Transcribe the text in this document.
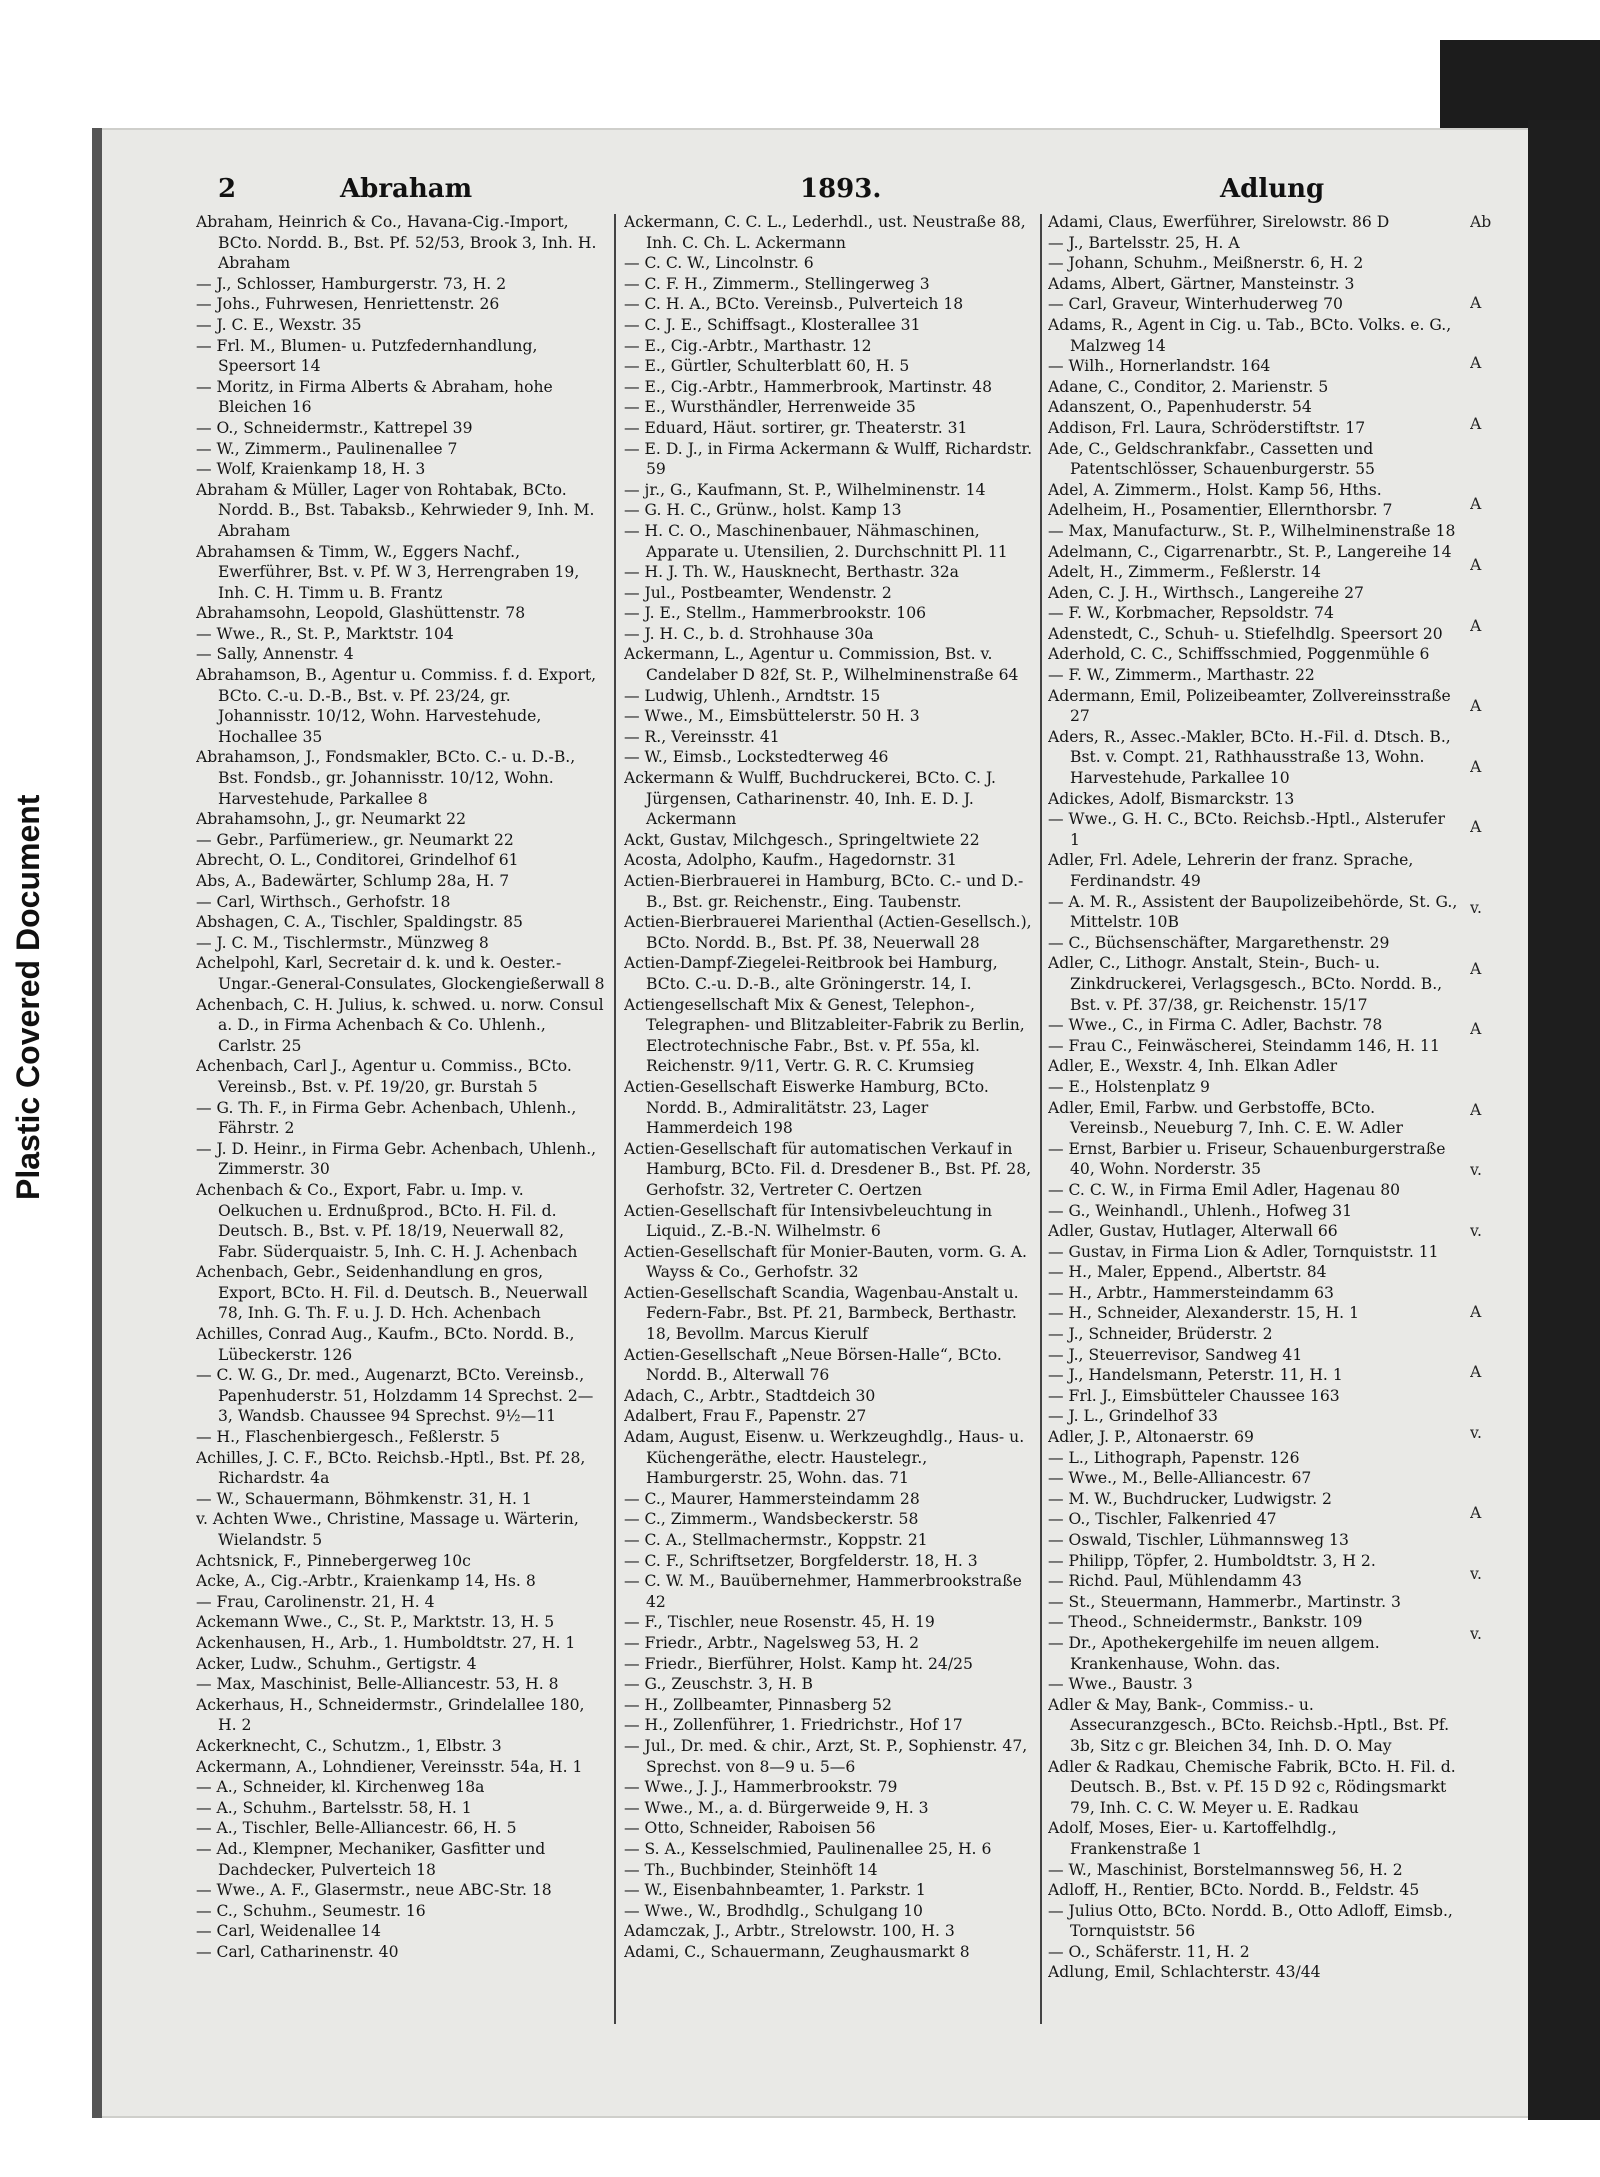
Plastic Covered Document
2	Abraham	1893.	Adlung

Abraham, Heinrich & Co., Havana-Cig.-Import, BCto. Nordd. B., Bst. Pf. 52/53, Brook 3, Inh. H. Abraham

— J., Schlosser, Hamburgerstr. 73, H. 2

— Johs., Fuhrwesen, Henriettenstr. 26

— J. C. E., Wexstr. 35

— Frl. M., Blumen- u. Putzfedernhandlung, Speersort 14

— Moritz, in Firma Alberts & Abraham, hohe Bleichen 16

— O., Schneidermstr., Kattrepel 39

— W., Zimmerm., Paulinenallee 7

— Wolf, Kraienkamp 18, H. 3

Abraham & Müller, Lager von Rohtabak, BCto. Nordd. B., Bst. Tabaksb., Kehrwieder 9, Inh. M. Abraham

Abrahamsen & Timm, W., Eggers Nachf., Ewerführer, Bst. v. Pf. W 3, Herrengraben 19, Inh. C. H. Timm u. B. Frantz

Abrahamsohn, Leopold, Glashüttenstr. 78

— Wwe., R., St. P., Marktstr. 104

— Sally, Annenstr. 4

Abrahamson, B., Agentur u. Commiss. f. d. Export, BCto. C.-u. D.-B., Bst. v. Pf. 23/24, gr. Johannisstr. 10/12, Wohn. Harvestehude, Hochallee 35

Abrahamson, J., Fondsmakler, BCto. C.- u. D.-B., Bst. Fondsb., gr. Johannisstr. 10/12, Wohn. Harvestehude, Parkallee 8

Abrahamsohn, J., gr. Neumarkt 22

— Gebr., Parfümeriew., gr. Neumarkt 22

Abrecht, O. L., Conditorei, Grindelhof 61

Abs, A., Badewärter, Schlump 28a, H. 7

— Carl, Wirthsch., Gerhofstr. 18

Abshagen, C. A., Tischler, Spaldingstr. 85

— J. C. M., Tischlermstr., Münzweg 8

Achelpohl, Karl, Secretair d. k. und k. Oester.-Ungar.-General-Consulates, Glockengießerwall 8

Achenbach, C. H. Julius, k. schwed. u. norw. Consul a. D., in Firma Achenbach & Co. Uhlenh., Carlstr. 25

Achenbach, Carl J., Agentur u. Commiss., BCto. Vereinsb., Bst. v. Pf. 19/20, gr. Burstah 5

— G. Th. F., in Firma Gebr. Achenbach, Uhlenh., Fährstr. 2

— J. D. Heinr., in Firma Gebr. Achenbach, Uhlenh., Zimmerstr. 30

Achenbach & Co., Export, Fabr. u. Imp. v. Oelkuchen u. Erdnußprod., BCto. H. Fil. d. Deutsch. B., Bst. v. Pf. 18/19, Neuerwall 82, Fabr. Süderquaistr. 5, Inh. C. H. J. Achenbach

Achenbach, Gebr., Seidenhandlung en gros, Export, BCto. H. Fil. d. Deutsch. B., Neuerwall 78, Inh. G. Th. F. u. J. D. Hch. Achenbach

Achilles, Conrad Aug., Kaufm., BCto. Nordd. B., Lübeckerstr. 126

— C. W. G., Dr. med., Augenarzt, BCto. Vereinsb., Papenhuderstr. 51, Holzdamm 14 Sprechst. 2—3, Wandsb. Chaussee 94 Sprechst. 9½—11

— H., Flaschenbiergesch., Feßlerstr. 5

Achilles, J. C. F., BCto. Reichsb.-Hptl., Bst. Pf. 28, Richardstr. 4a

— W., Schauermann, Böhmkenstr. 31, H. 1

v. Achten Wwe., Christine, Massage u. Wärterin, Wielandstr. 5

Achtsnick, F., Pinnebergerweg 10c

Acke, A., Cig.-Arbtr., Kraienkamp 14, Hs. 8

— Frau, Carolinenstr. 21, H. 4

Ackemann Wwe., C., St. P., Marktstr. 13, H. 5

Ackenhausen, H., Arb., 1. Humboldtstr. 27, H. 1

Acker, Ludw., Schuhm., Gertigstr. 4

— Max, Maschinist, Belle-Alliancestr. 53, H. 8

Ackerhaus, H., Schneidermstr., Grindelallee 180, H. 2

Ackerknecht, C., Schutzm., 1, Elbstr. 3

Ackermann, A., Lohndiener, Vereinsstr. 54a, H. 1

— A., Schneider, kl. Kirchenweg 18a

— A., Schuhm., Bartelsstr. 58, H. 1

— A., Tischler, Belle-Alliancestr. 66, H. 5

— Ad., Klempner, Mechaniker, Gasfitter und Dachdecker, Pulverteich 18

— Wwe., A. F., Glasermstr., neue ABC-Str. 18

— C., Schuhm., Seumestr. 16

— Carl, Weidenallee 14

— Carl, Catharinenstr. 40

Ackermann, C. C. L., Lederhdl., ust. Neustraße 88, Inh. C. Ch. L. Ackermann

— C. C. W., Lincolnstr. 6

— C. F. H., Zimmerm., Stellingerweg 3

— C. H. A., BCto. Vereinsb., Pulverteich 18

— C. J. E., Schiffsagt., Klosterallee 31

— E., Cig.-Arbtr., Marthastr. 12

— E., Gürtler, Schulterblatt 60, H. 5

— E., Cig.-Arbtr., Hammerbrook, Martinstr. 48

— E., Wursthändler, Herrenweide 35

— Eduard, Häut. sortirer, gr. Theaterstr. 31

— E. D. J., in Firma Ackermann & Wulff, Richardstr. 59

— jr., G., Kaufmann, St. P., Wilhelminenstr. 14

— G. H. C., Grünw., holst. Kamp 13

— H. C. O., Maschinenbauer, Nähmaschinen, Apparate u. Utensilien, 2. Durchschnitt Pl. 11

— H. J. Th. W., Hausknecht, Berthastr. 32a

— Jul., Postbeamter, Wendenstr. 2

— J. E., Stellm., Hammerbrookstr. 106

— J. H. C., b. d. Strohhause 30a

Ackermann, L., Agentur u. Commission, Bst. v. Candelaber D 82f, St. P., Wilhelminenstraße 64

— Ludwig, Uhlenh., Arndtstr. 15

— Wwe., M., Eimsbüttelerstr. 50 H. 3

— R., Vereinsstr. 41

— W., Eimsb., Lockstedterweg 46

Ackermann & Wulff, Buchdruckerei, BCto. C. J. Jürgensen, Catharinenstr. 40, Inh. E. D. J. Ackermann

Ackt, Gustav, Milchgesch., Springeltwiete 22

Acosta, Adolpho, Kaufm., Hagedornstr. 31

Actien-Bierbrauerei in Hamburg, BCto. C.- und D.-B., Bst. gr. Reichenstr., Eing. Taubenstr.

Actien-Bierbrauerei Marienthal (Actien-Gesellsch.), BCto. Nordd. B., Bst. Pf. 38, Neuerwall 28

Actien-Dampf-Ziegelei-Reitbrook bei Hamburg, BCto. C.-u. D.-B., alte Gröningerstr. 14, I.

Actiengesellschaft Mix & Genest, Telephon-, Telegraphen- und Blitzableiter-Fabrik zu Berlin, Electrotechnische Fabr., Bst. v. Pf. 55a, kl. Reichenstr. 9/11, Vertr. G. R. C. Krumsieg

Actien-Gesellschaft Eiswerke Hamburg, BCto. Nordd. B., Admiralitätstr. 23, Lager Hammerdeich 198

Actien-Gesellschaft für automatischen Verkauf in Hamburg, BCto. Fil. d. Dresdener B., Bst. Pf. 28, Gerhofstr. 32, Vertreter C. Oertzen

Actien-Gesellschaft für Intensivbeleuchtung in Liquid., Z.-B.-N. Wilhelmstr. 6

Actien-Gesellschaft für Monier-Bauten, vorm. G. A. Wayss & Co., Gerhofstr. 32

Actien-Gesellschaft Scandia, Wagenbau-Anstalt u. Federn-Fabr., Bst. Pf. 21, Barmbeck, Berthastr. 18, Bevollm. Marcus Kierulf

Actien-Gesellschaft „Neue Börsen-Halle“, BCto. Nordd. B., Alterwall 76

Adach, C., Arbtr., Stadtdeich 30

Adalbert, Frau F., Papenstr. 27

Adam, August, Eisenw. u. Werkzeughdlg., Haus- u. Küchengeräthe, electr. Haustelegr., Hamburgerstr. 25, Wohn. das. 71

— C., Maurer, Hammersteindamm 28

— C., Zimmerm., Wandsbeckerstr. 58

— C. A., Stellmachermstr., Koppstr. 21

— C. F., Schriftsetzer, Borgfelderstr. 18, H. 3

— C. W. M., Bauübernehmer, Hammerbrookstraße 42

— F., Tischler, neue Rosenstr. 45, H. 19

— Friedr., Arbtr., Nagelsweg 53, H. 2

— Friedr., Bierführer, Holst. Kamp ht. 24/25

— G., Zeuschstr. 3, H. B

— H., Zollbeamter, Pinnasberg 52

— H., Zollenführer, 1. Friedrichstr., Hof 17

— Jul., Dr. med. & chir., Arzt, St. P., Sophienstr. 47, Sprechst. von 8—9 u. 5—6

— Wwe., J. J., Hammerbrookstr. 79

— Wwe., M., a. d. Bürgerweide 9, H. 3

— Otto, Schneider, Raboisen 56

— S. A., Kesselschmied, Paulinenallee 25, H. 6

— Th., Buchbinder, Steinhöft 14

— W., Eisenbahnbeamter, 1. Parkstr. 1

— Wwe., W., Brodhdlg., Schulgang 10

Adamczak, J., Arbtr., Strelowstr. 100, H. 3

Adami, C., Schauermann, Zeughausmarkt 8

Adami, Claus, Ewerführer, Sirelowstr. 86 D

— J., Bartelsstr. 25, H. A

— Johann, Schuhm., Meißnerstr. 6, H. 2

Adams, Albert, Gärtner, Mansteinstr. 3

— Carl, Graveur, Winterhuderweg 70

Adams, R., Agent in Cig. u. Tab., BCto. Volks. e. G., Malzweg 14

— Wilh., Hornerlandstr. 164

Adane, C., Conditor, 2. Marienstr. 5

Adanszent, O., Papenhuderstr. 54

Addison, Frl. Laura, Schröderstiftstr. 17

Ade, C., Geldschrankfabr., Cassetten und Patentschlösser, Schauenburgerstr. 55

Adel, A. Zimmerm., Holst. Kamp 56, Hths.

Adelheim, H., Posamentier, Ellernthorsbr. 7

— Max, Manufacturw., St. P., Wilhelminenstraße 18

Adelmann, C., Cigarrenarbtr., St. P., Langereihe 14

Adelt, H., Zimmerm., Feßlerstr. 14

Aden, C. J. H., Wirthsch., Langereihe 27

— F. W., Korbmacher, Repsoldstr. 74

Adenstedt, C., Schuh- u. Stiefelhdlg. Speersort 20

Aderhold, C. C., Schiffsschmied, Poggenmühle 6

— F. W., Zimmerm., Marthastr. 22

Adermann, Emil, Polizeibeamter, Zollvereinsstraße 27

Aders, R., Assec.-Makler, BCto. H.-Fil. d. Dtsch. B., Bst. v. Compt. 21, Rathhausstraße 13, Wohn. Harvestehude, Parkallee 10

Adickes, Adolf, Bismarckstr. 13

— Wwe., G. H. C., BCto. Reichsb.-Hptl., Alsterufer 1

Adler, Frl. Adele, Lehrerin der franz. Sprache, Ferdinandstr. 49

— A. M. R., Assistent der Baupolizeibehörde, St. G., Mittelstr. 10B

— C., Büchsenschäfter, Margarethenstr. 29

Adler, C., Lithogr. Anstalt, Stein-, Buch- u. Zinkdruckerei, Verlagsgesch., BCto. Nordd. B., Bst. v. Pf. 37/38, gr. Reichenstr. 15/17

— Wwe., C., in Firma C. Adler, Bachstr. 78

— Frau C., Feinwäscherei, Steindamm 146, H. 11

Adler, E., Wexstr. 4, Inh. Elkan Adler

— E., Holstenplatz 9

Adler, Emil, Farbw. und Gerbstoffe, BCto. Vereinsb., Neueburg 7, Inh. C. E. W. Adler

— Ernst, Barbier u. Friseur, Schauenburgerstraße 40, Wohn. Norderstr. 35

— C. C. W., in Firma Emil Adler, Hagenau 80

— G., Weinhandl., Uhlenh., Hofweg 31

Adler, Gustav, Hutlager, Alterwall 66

— Gustav, in Firma Lion & Adler, Tornquiststr. 11

— H., Maler, Eppend., Albertstr. 84

— H., Arbtr., Hammersteindamm 63

— H., Schneider, Alexanderstr. 15, H. 1

— J., Schneider, Brüderstr. 2

— J., Steuerrevisor, Sandweg 41

— J., Handelsmann, Peterstr. 11, H. 1

— Frl. J., Eimsbütteler Chaussee 163

— J. L., Grindelhof 33

Adler, J. P., Altonaerstr. 69

— L., Lithograph, Papenstr. 126

— Wwe., M., Belle-Alliancestr. 67

— M. W., Buchdrucker, Ludwigstr. 2

— O., Tischler, Falkenried 47

— Oswald, Tischler, Lühmannsweg 13

— Philipp, Töpfer, 2. Humboldtstr. 3, H 2.

— Richd. Paul, Mühlendamm 43

— St., Steuermann, Hammerbr., Martinstr. 3

— Theod., Schneidermstr., Bankstr. 109

— Dr., Apothekergehilfe im neuen allgem. Krankenhause, Wohn. das.

— Wwe., Baustr. 3

Adler & May, Bank-, Commiss.- u. Assecuranzgesch., BCto. Reichsb.-Hptl., Bst. Pf. 3b, Sitz c gr. Bleichen 34, Inh. D. O. May

Adler & Radkau, Chemische Fabrik, BCto. H. Fil. d. Deutsch. B., Bst. v. Pf. 15 D 92 c, Rödingsmarkt 79, Inh. C. C. W. Meyer u. E. Radkau

Adolf, Moses, Eier- u. Kartoffelhdlg., Frankenstraße 1

— W., Maschinist, Borstelmannsweg 56, H. 2

Adloff, H., Rentier, BCto. Nordd. B., Feldstr. 45

— Julius Otto, BCto. Nordd. B., Otto Adloff, Eimsb., Tornquiststr. 56

— O., Schäferstr. 11, H. 2

Adlung, Emil, Schlachterstr. 43/44

Ab
A
A
A
A
A
A
A
A
A
v.
A
A
A
v.
v.
A
A
v.
A
v.
v.
